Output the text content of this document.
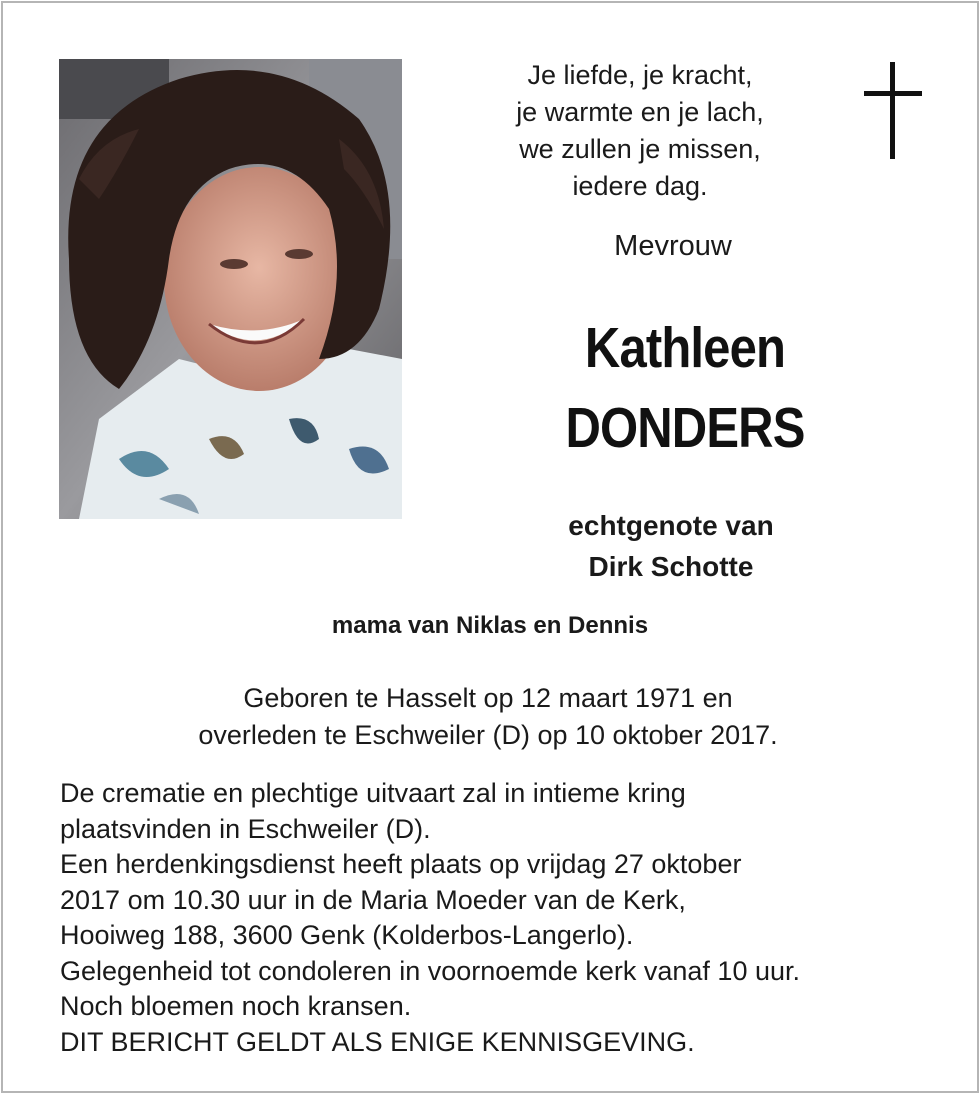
Je liefde, je kracht,
je warmte en je lach,
we zullen je missen,
iedere dag.
Mevrouw
Kathleen
DONDERS
echtgenote van
Dirk Schotte
mama van Niklas en Dennis
Geboren te Hasselt op 12 maart 1971 en
overleden te Eschweiler (D) op 10 oktober 2017.
De crematie en plechtige uitvaart zal in intieme kring
plaatsvinden in Eschweiler (D).
Een herdenkingsdienst heeft plaats op vrijdag 27 oktober
2017 om 10.30 uur in de Maria Moeder van de Kerk,
Hooiweg 188, 3600 Genk (Kolderbos-Langerlo).
Gelegenheid tot condoleren in voornoemde kerk vanaf 10 uur.
Noch bloemen noch kransen.
DIT BERICHT GELDT ALS ENIGE KENNISGEVING.
